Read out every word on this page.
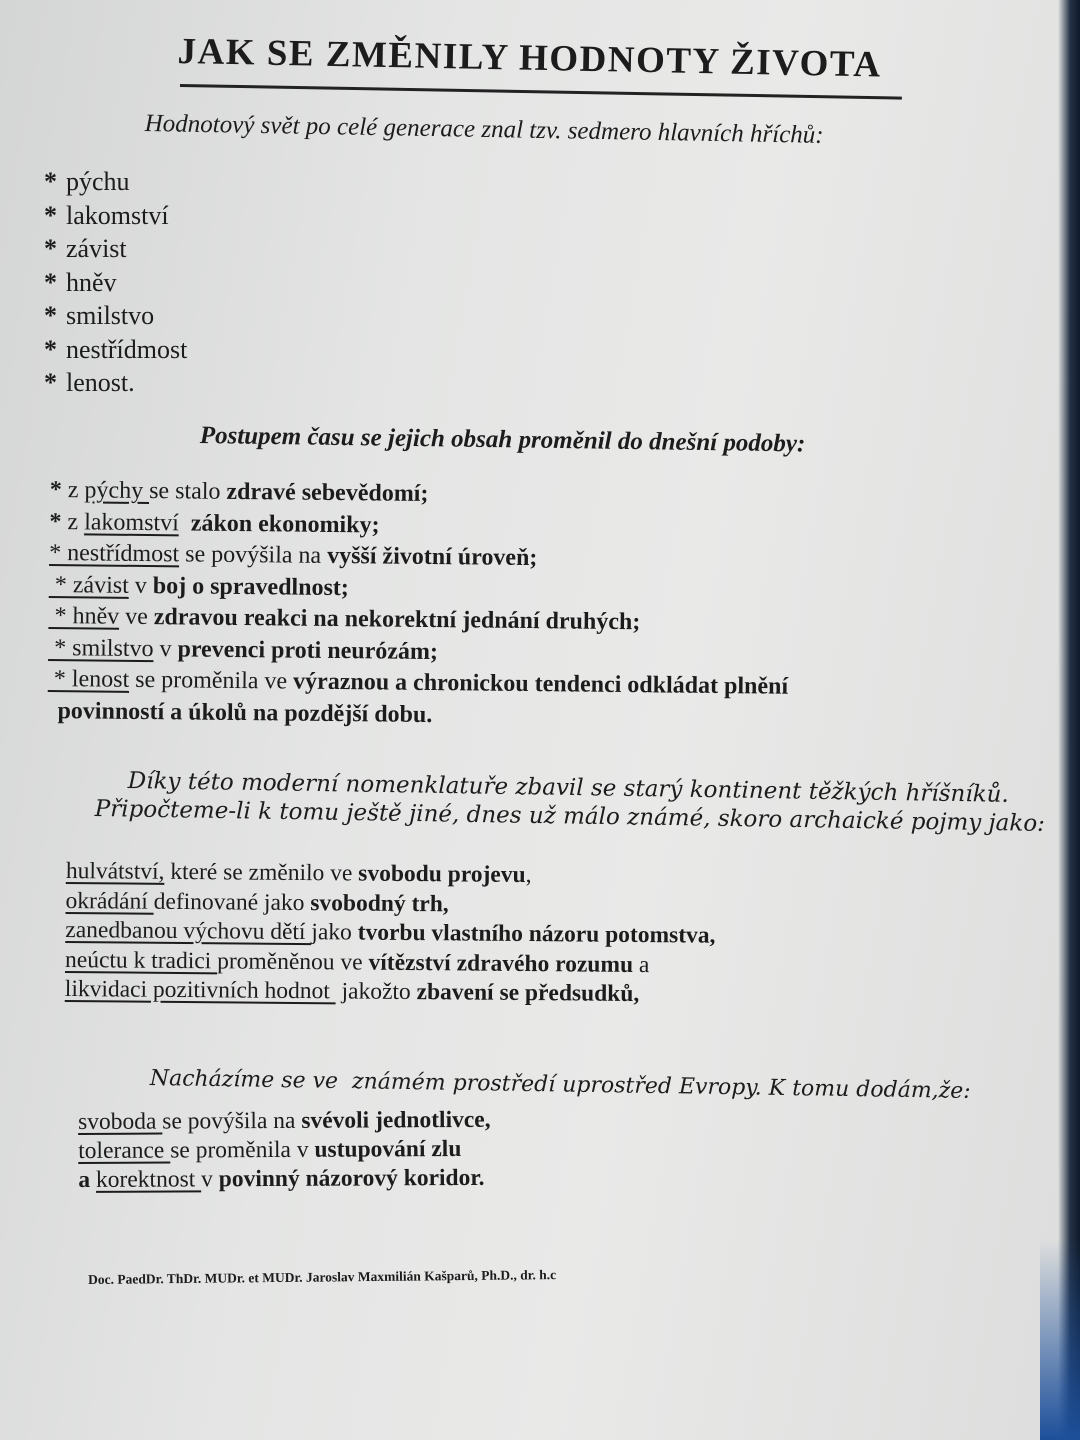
JAK SE ZMĚNILY HODNOTY ŽIVOTA
Hodnotový svět po celé generace znal tzv. sedmero hlavních hříchů:
* pýchu
* lakomství
* závist
* hněv
* smilstvo
* nestřídmost
* lenost.
Postupem času se jejich obsah proměnil do dnešní podoby:
* z pýchy se stalo zdravé sebevědomí;
* z lakomství zákon ekonomiky;
* nestřídmost se povýšila na vyšší životní úroveň;
* závist v boj o spravedlnost;
* hněv ve zdravou reakci na nekorektní jednání druhých;
* smilstvo v prevenci proti neurózám;
* lenost se proměnila ve výraznou a chronickou tendenci odkládat plnění
povinností a úkolů na pozdější dobu.
Díky této moderní nomenklatuře zbavil se starý kontinent těžkých hříšníků.
Připočteme-li k tomu ještě jiné, dnes už málo známé, skoro archaické pojmy jako:
hulvátství, které se změnilo ve svobodu projevu,
okrádání definované jako svobodný trh,
zanedbanou výchovu dětí jako tvorbu vlastního názoru potomstva,
neúctu k tradici proměněnou ve vítězství zdravého rozumu a
likvidaci pozitivních hodnot  jakožto zbavení se předsudků,
Nacházíme se ve  známém prostředí uprostřed Evropy. K tomu dodám,že:
svoboda se povýšila na svévoli jednotlivce,
tolerance se proměnila v ustupování zlu
a korektnost v povinný názorový koridor.
Doc. PaedDr. ThDr. MUDr. et MUDr. Jaroslav Maxmilián Kašparů, Ph.D., dr. h.c
